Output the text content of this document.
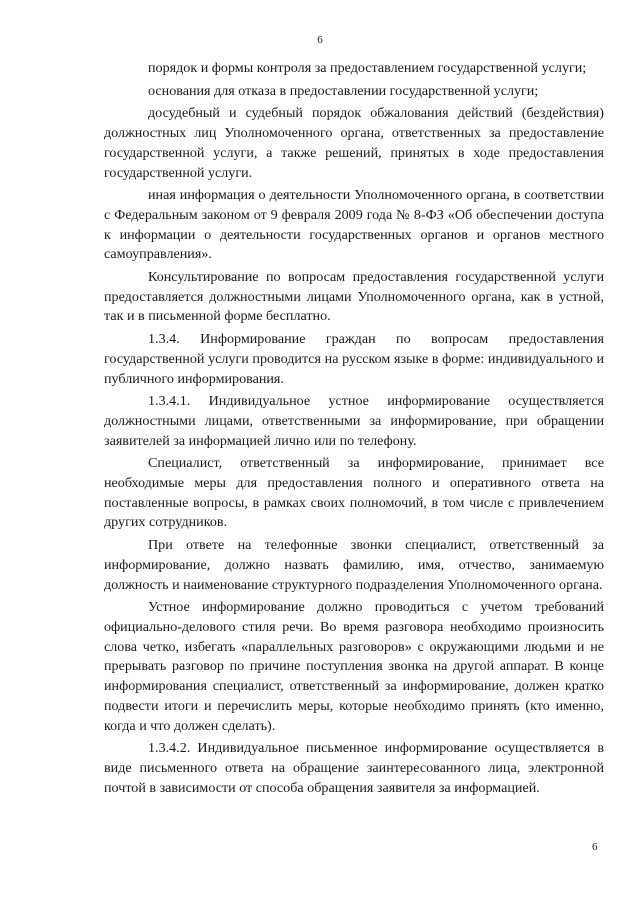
6

порядок и формы контроля за предоставлением государственной услуги;

основания для отказа в предоставлении государственной услуги;

досудебный и судебный порядок обжалования действий (бездействия) должностных лиц Уполномоченного органа, ответственных за предоставление государственной услуги, а также решений, принятых в ходе предоставления государственной услуги.

иная информация о деятельности Уполномоченного органа, в соответствии с Федеральным законом от 9 февраля 2009 года № 8-ФЗ «Об обеспечении доступа к информации о деятельности государственных органов и органов местного самоуправления».

Консультирование по вопросам предоставления государственной услуги предоставляется должностными лицами Уполномоченного органа, как в устной, так и в письменной форме бесплатно.

1.3.4. Информирование граждан по вопросам предоставления государственной услуги проводится на русском языке в форме: индивидуального и публичного информирования.

1.3.4.1. Индивидуальное устное информирование осуществляется должностными лицами, ответственными за информирование, при обращении заявителей за информацией лично или по телефону.

Специалист, ответственный за информирование, принимает все необходимые меры для предоставления полного и оперативного ответа на поставленные вопросы, в рамках своих полномочий, в том числе с привлечением других сотрудников.

При ответе на телефонные звонки специалист, ответственный за информирование, должно назвать фамилию, имя, отчество, занимаемую должность и наименование структурного подразделения Уполномоченного органа.

Устное информирование должно проводиться с учетом требований официально-делового стиля речи. Во время разговора необходимо произносить слова четко, избегать «параллельных разговоров» с окружающими людьми и не прерывать разговор по причине поступления звонка на другой аппарат. В конце информирования специалист, ответственный за информирование, должен кратко подвести итоги и перечислить меры, которые необходимо принять (кто именно, когда и что должен сделать).

1.3.4.2. Индивидуальное письменное информирование осуществляется в виде письменного ответа на обращение заинтересованного лица, электронной почтой в зависимости от способа обращения заявителя за информацией.

6
